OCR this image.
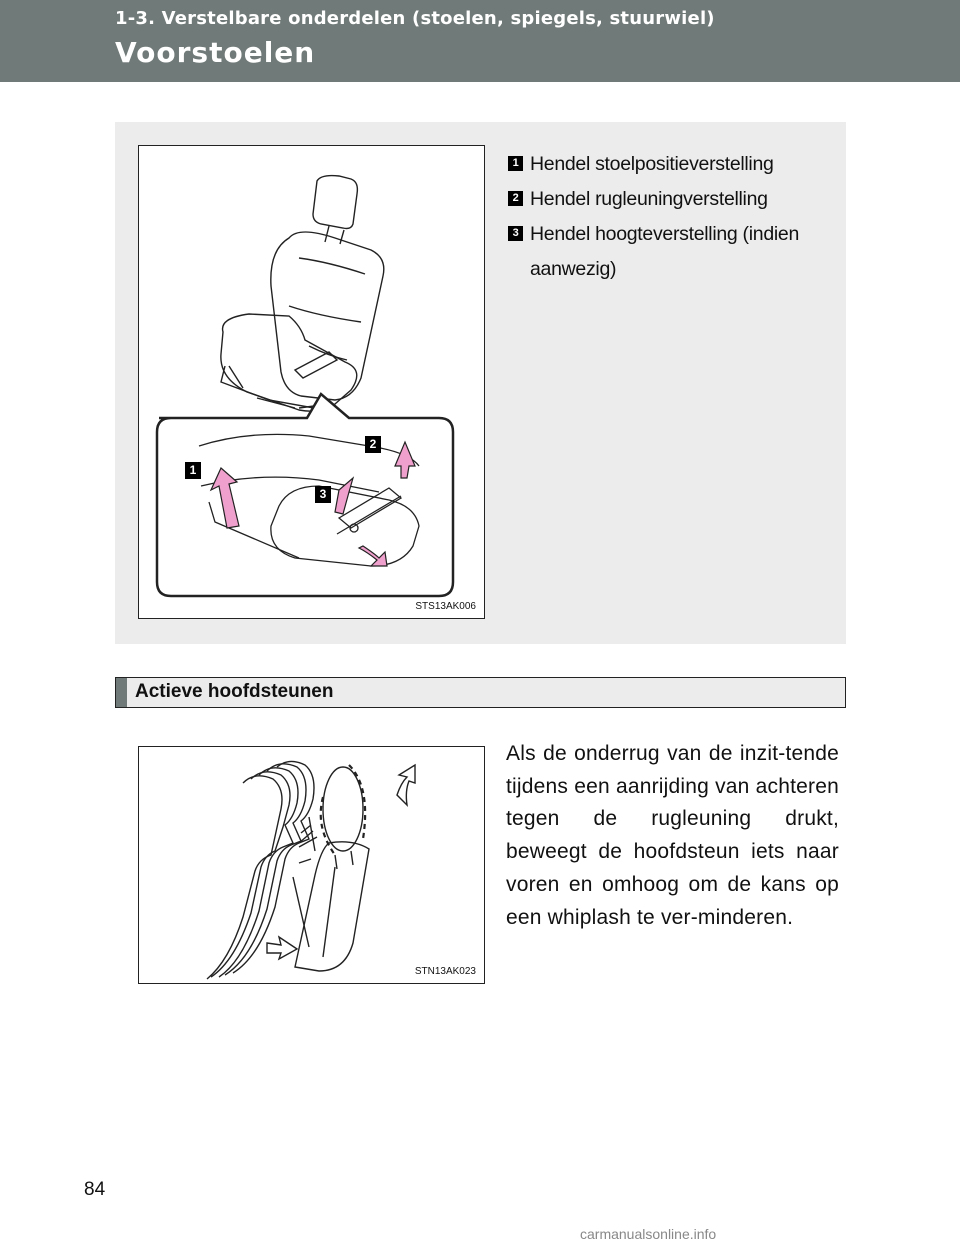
1-3. Verstelbare onderdelen (stoelen, spiegels, stuurwiel)
Voorstoelen
1
2
3
STS13AK006
1 Hendel stoelpositieverstelling
2 Hendel rugleuningverstelling
3 Hendel hoogteverstelling (indien aanwezig)
Actieve hoofdsteunen
STN13AK023
Als de onderrug van de inzit-tende tijdens een aanrijding van achteren tegen de rugleuning drukt, beweegt de hoofdsteun iets naar voren en omhoog om de kans op een whiplash te ver-minderen.
84
carmanualsonline.info
